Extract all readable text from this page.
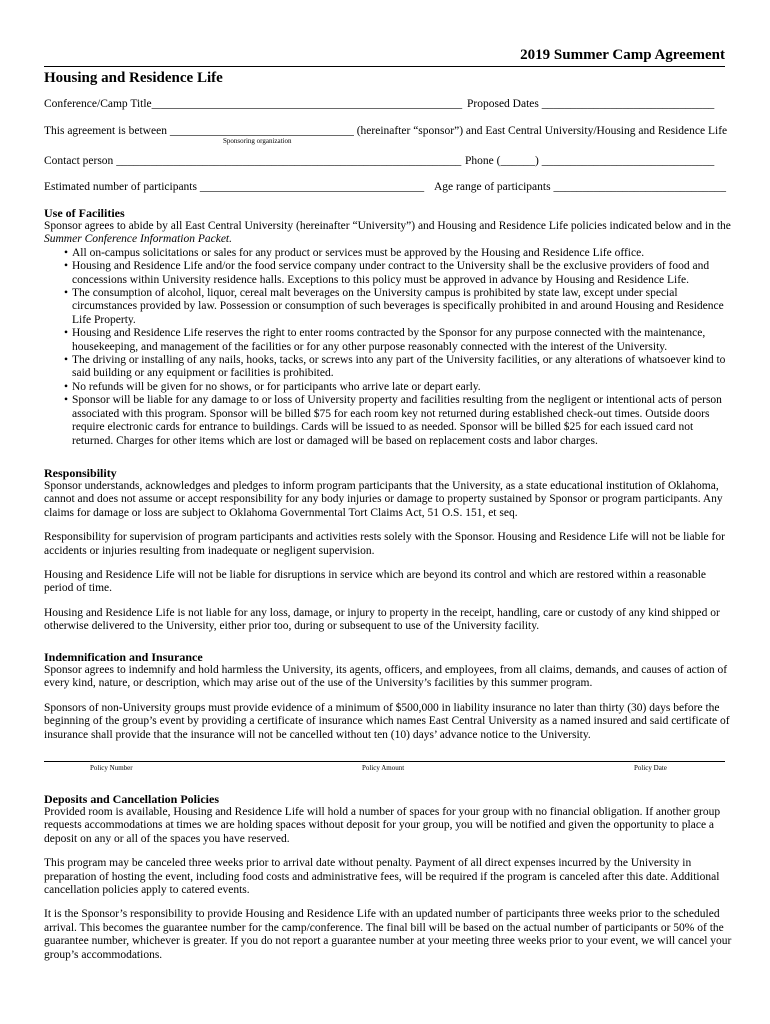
2019 Summer Camp Agreement
Housing and Residence Life
Conference/Camp Title______________________________________________________ Proposed Dates ______________________________
This agreement is between ________________________________ (hereinafter “sponsor”) and East Central University/Housing and Residence Life
Sponsoring organization
Contact person ____________________________________________________________ Phone (______) ______________________________
Estimated number of participants _______________________________________ Age range of participants ______________________________
Use of Facilities

Sponsor agrees to abide by all East Central University (hereinafter “University”) and Housing and Residence Life policies indicated below and in the
Summer Conference Information Packet.

• All on-campus solicitations or sales for any product or services must be approved by the Housing and Residence Life office.
• Housing and Residence Life and/or the food service company under contract to the University shall be the exclusive providers of food and concessions within University residence halls. Exceptions to this policy must be approved in advance by Housing and Residence Life.
• The consumption of alcohol, liquor, cereal malt beverages on the University campus is prohibited by state law, except under special circumstances provided by law. Possession or consumption of such beverages is specifically prohibited in and around Housing and Residence Life Property.
• Housing and Residence Life reserves the right to enter rooms contracted by the Sponsor for any purpose connected with the maintenance, housekeeping, and management of the facilities or for any other purpose reasonably connected with the interest of the University.
• The driving or installing of any nails, hooks, tacks, or screws into any part of the University facilities, or any alterations of whatsoever kind to said building or any equipment or facilities is prohibited.
• No refunds will be given for no shows, or for participants who arrive late or depart early.
• Sponsor will be liable for any damage to or loss of University property and facilities resulting from the negligent or intentional acts of person associated with this program. Sponsor will be billed $75 for each room key not returned during established check-out times. Outside doors require electronic cards for entrance to buildings. Cards will be issued to as needed. Sponsor will be billed $25 for each issued card not returned. Charges for other items which are lost or damaged will be based on replacement costs and labor charges.
Responsibility

Sponsor understands, acknowledges and pledges to inform program participants that the University, as a state educational institution of Oklahoma, cannot and does not assume or accept responsibility for any body injuries or damage to property sustained by Sponsor or program participants. Any claims for damage or loss are subject to Oklahoma Governmental Tort Claims Act, 51 O.S. 151, et seq.

Responsibility for supervision of program participants and activities rests solely with the Sponsor. Housing and Residence Life will not be liable for accidents or injuries resulting from inadequate or negligent supervision.

Housing and Residence Life will not be liable for disruptions in service which are beyond its control and which are restored within a reasonable period of time.

Housing and Residence Life is not liable for any loss, damage, or injury to property in the receipt, handling, care or custody of any kind shipped or otherwise delivered to the University, either prior too, during or subsequent to use of the University facility.

Indemnification and Insurance

Sponsor agrees to indemnify and hold harmless the University, its agents, officers, and employees, from all claims, demands, and causes of action of every kind, nature, or description, which may arise out of the use of the University’s facilities by this summer program.

Sponsors of non-University groups must provide evidence of a minimum of $500,000 in liability insurance no later than thirty (30) days before the beginning of the group’s event by providing a certificate of insurance which names East Central University as a named insured and said certificate of insurance shall provide that the insurance will not be cancelled without ten (10) days’ advance notice to the University.

Policy Number	Policy Amount	Policy Date
Deposits and Cancellation Policies

Provided room is available, Housing and Residence Life will hold a number of spaces for your group with no financial obligation. If another group requests accommodations at times we are holding spaces without deposit for your group, you will be notified and given the opportunity to place a deposit on any or all of the spaces you have reserved.

This program may be canceled three weeks prior to arrival date without penalty. Payment of all direct expenses incurred by the University in preparation of hosting the event, including food costs and administrative fees, will be required if the program is canceled after this date. Additional cancellation policies apply to catered events.

It is the Sponsor’s responsibility to provide Housing and Residence Life with an updated number of participants three weeks prior to the scheduled arrival. This becomes the guarantee number for the camp/conference. The final bill will be based on the actual number of participants or 50% of the guarantee number, whichever is greater. If you do not report a guarantee number at your meeting three weeks prior to your event, we will cancel your group’s accommodations.
